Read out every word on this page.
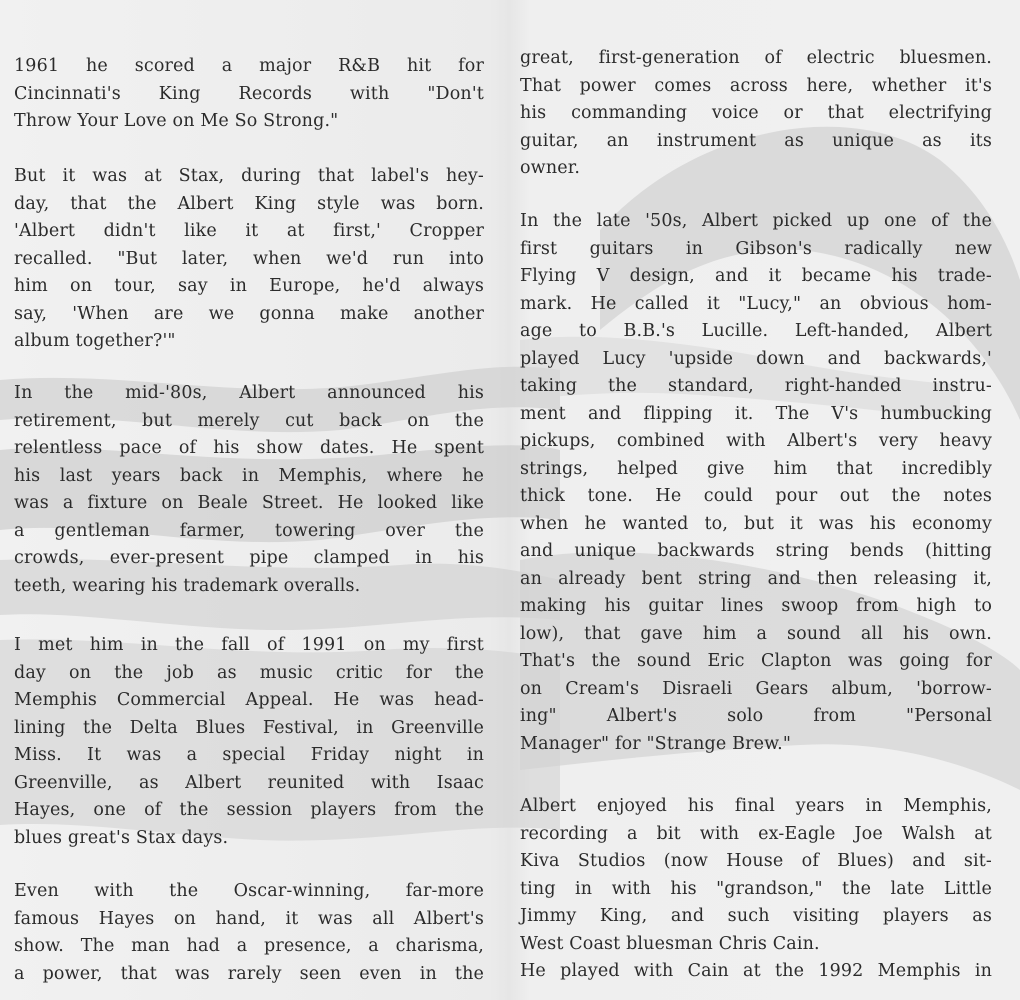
1961 he scored a major R&B hit for
Cincinnati's King Records with "Don't
Throw Your Love on Me So Strong."
But it was at Stax, during that label's hey-
day, that the Albert King style was born.
'Albert didn't like it at first,' Cropper
recalled. "But later, when we'd run into
him on tour, say in Europe, he'd always
say, 'When are we gonna make another
album together?'"
In the mid-'80s, Albert announced his
retirement, but merely cut back on the
relentless pace of his show dates. He spent
his last years back in Memphis, where he
was a fixture on Beale Street. He looked like
a gentleman farmer, towering over the
crowds, ever-present pipe clamped in his
teeth, wearing his trademark overalls.
I met him in the fall of 1991 on my first
day on the job as music critic for the
Memphis Commercial Appeal. He was head-
lining the Delta Blues Festival, in Greenville
Miss. It was a special Friday night in
Greenville, as Albert reunited with Isaac
Hayes, one of the session players from the
blues great's Stax days.
Even with the Oscar-winning, far-more
famous Hayes on hand, it was all Albert's
show. The man had a presence, a charisma,
a power, that was rarely seen even in the
great, first-generation of electric bluesmen.
That power comes across here, whether it's
his commanding voice or that electrifying
guitar, an instrument as unique as its
owner.
In the late '50s, Albert picked up one of the
first guitars in Gibson's radically new
Flying V design, and it became his trade-
mark. He called it "Lucy," an obvious hom-
age to B.B.'s Lucille. Left-handed, Albert
played Lucy 'upside down and backwards,'
taking the standard, right-handed instru-
ment and flipping it. The V's humbucking
pickups, combined with Albert's very heavy
strings, helped give him that incredibly
thick tone. He could pour out the notes
when he wanted to, but it was his economy
and unique backwards string bends (hitting
an already bent string and then releasing it,
making his guitar lines swoop from high to
low), that gave him a sound all his own.
That's the sound Eric Clapton was going for
on Cream's Disraeli Gears album, 'borrow-
ing" Albert's solo from "Personal
Manager" for "Strange Brew."
Albert enjoyed his final years in Memphis,
recording a bit with ex-Eagle Joe Walsh at
Kiva Studios (now House of Blues) and sit-
ting in with his "grandson," the late Little
Jimmy King, and such visiting players as
West Coast bluesman Chris Cain.
He played with Cain at the 1992 Memphis in
